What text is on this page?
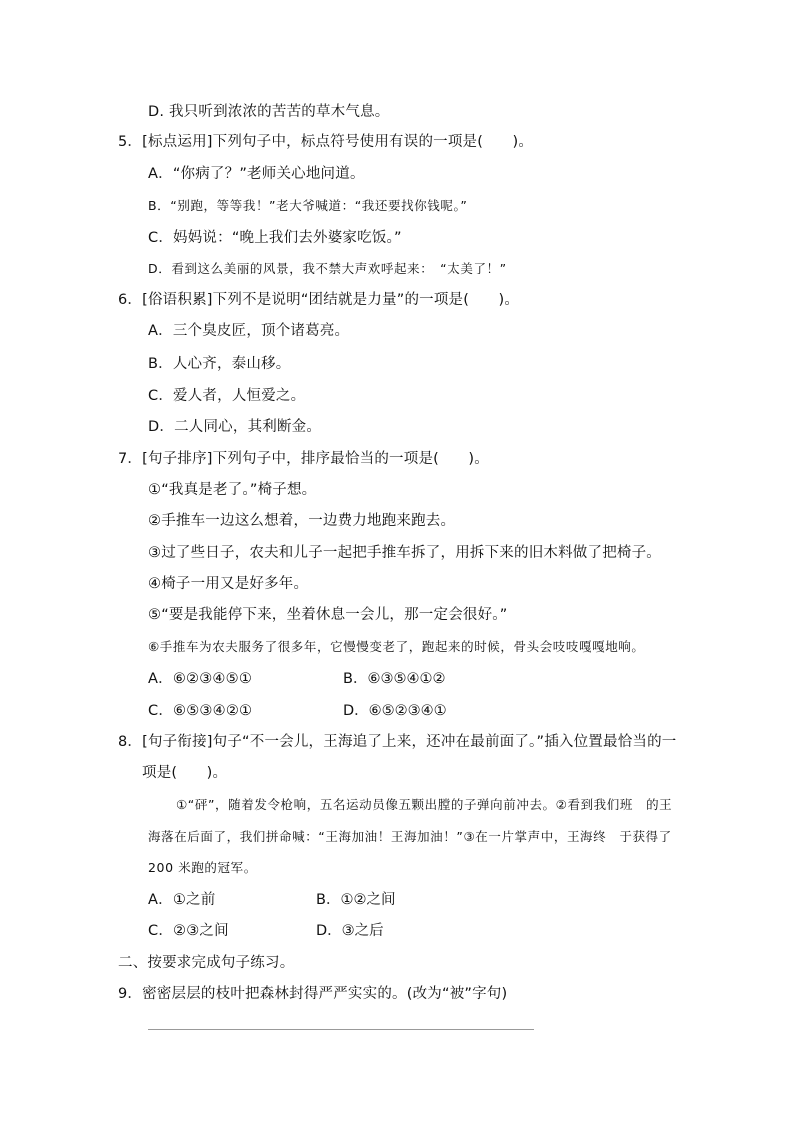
D. 我只听到浓浓的苦苦的草木气息。
5．[标点运用]下列句子中，标点符号使用有误的一项是(　　)。
A．“你病了？”老师关心地问道。
B．“别跑，等等我！”老大爷喊道：“我还要找你钱呢。”
C．妈妈说：“晚上我们去外婆家吃饭。”
D．看到这么美丽的风景，我不禁大声欢呼起来：　“太美了！”
6．[俗语积累]下列不是说明“团结就是力量”的一项是(　　)。
A．三个臭皮匠，顶个诸葛亮。
B．人心齐，泰山移。
C．爱人者，人恒爱之。
D．二人同心，其利断金。
7．[句子排序]下列句子中，排序最恰当的一项是(　　)。
①“我真是老了。”椅子想。
②手推车一边这么想着，一边费力地跑来跑去。
③过了些日子，农夫和儿子一起把手推车拆了，用拆下来的旧木料做了把椅子。
④椅子一用又是好多年。
⑤“要是我能停下来，坐着休息一会儿，那一定会很好。”
⑥手推车为农夫服务了很多年，它慢慢变老了，跑起来的时候，骨头会吱吱嘎嘎地响。
A．⑥②③④⑤①	B．⑥③⑤④①②
C．⑥⑤③④②①	D．⑥⑤②③④①
8．[句子衔接]句子“不一会儿，王海追了上来，还冲在最前面了。”插入位置最恰当的一
项是(　　)。
①“砰”，随着发令枪响，五名运动员像五颗出膛的子弹向前冲去。②看到我们班　的王
海落在后面了，我们拼命喊：“王海加油！王海加油！”③在一片掌声中，王海终　于获得了
200 米跑的冠军。
A．①之前	B．①②之间
C．②③之间	D．③之后
二、按要求完成句子练习。
9．密密层层的枝叶把森林封得严严实实的。(改为“被”字句)
